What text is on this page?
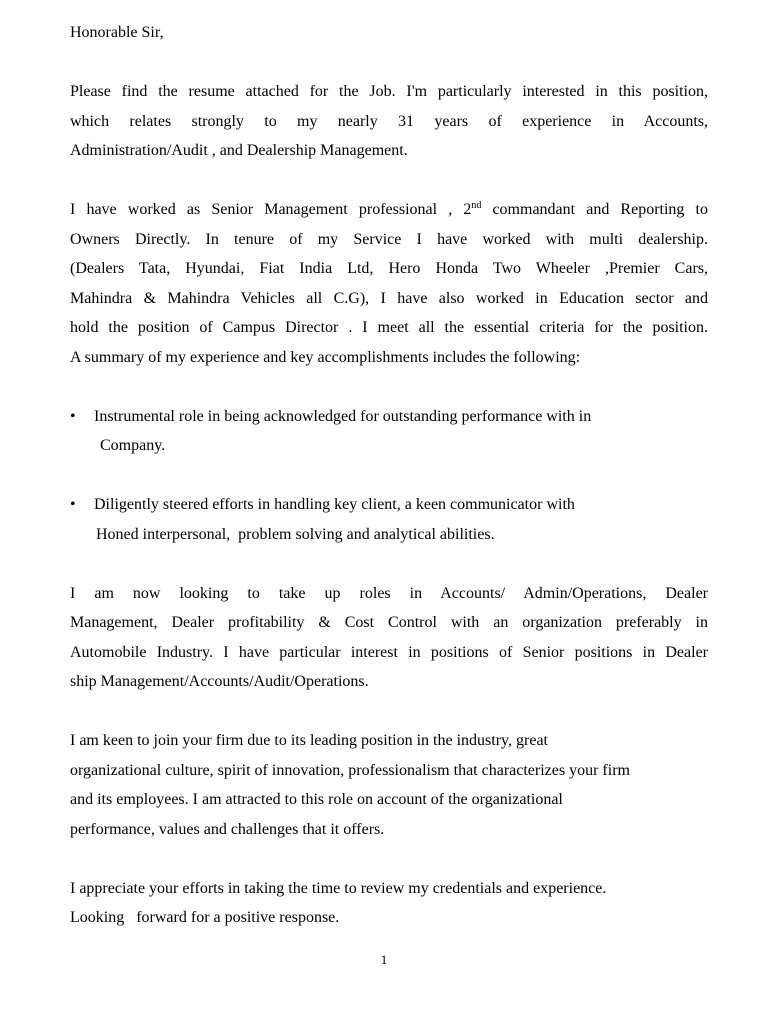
Honorable Sir,
Please find the resume attached for the Job. I'm particularly interested in this position,
which relates strongly to my nearly 31 years of experience in Accounts,
Administration/Audit , and Dealership Management.
I have worked as Senior Management professional , 2nd commandant and Reporting to
Owners Directly. In tenure of my Service I have worked with multi dealership.
(Dealers Tata, Hyundai, Fiat India Ltd, Hero Honda Two Wheeler ,Premier Cars,
Mahindra & Mahindra Vehicles all C.G), I have also worked in Education sector and
hold the position of Campus Director . I meet all the essential criteria for the position.
A summary of my experience and key accomplishments includes the following:
• Instrumental role in being acknowledged for outstanding performance with in
Company.
• Diligently steered efforts in handling key client, a keen communicator with
Honed interpersonal,  problem solving and analytical abilities.
I am now looking to take up roles in Accounts/ Admin/Operations, Dealer
Management, Dealer profitability & Cost Control with an organization preferably in
Automobile Industry. I have particular interest in positions of Senior positions in Dealer
ship Management/Accounts/Audit/Operations.
I am keen to join your firm due to its leading position in the industry, great
organizational culture, spirit of innovation, professionalism that characterizes your firm
and its employees. I am attracted to this role on account of the organizational
performance, values and challenges that it offers.
I appreciate your efforts in taking the time to review my credentials and experience.
Looking   forward for a positive response.
1
